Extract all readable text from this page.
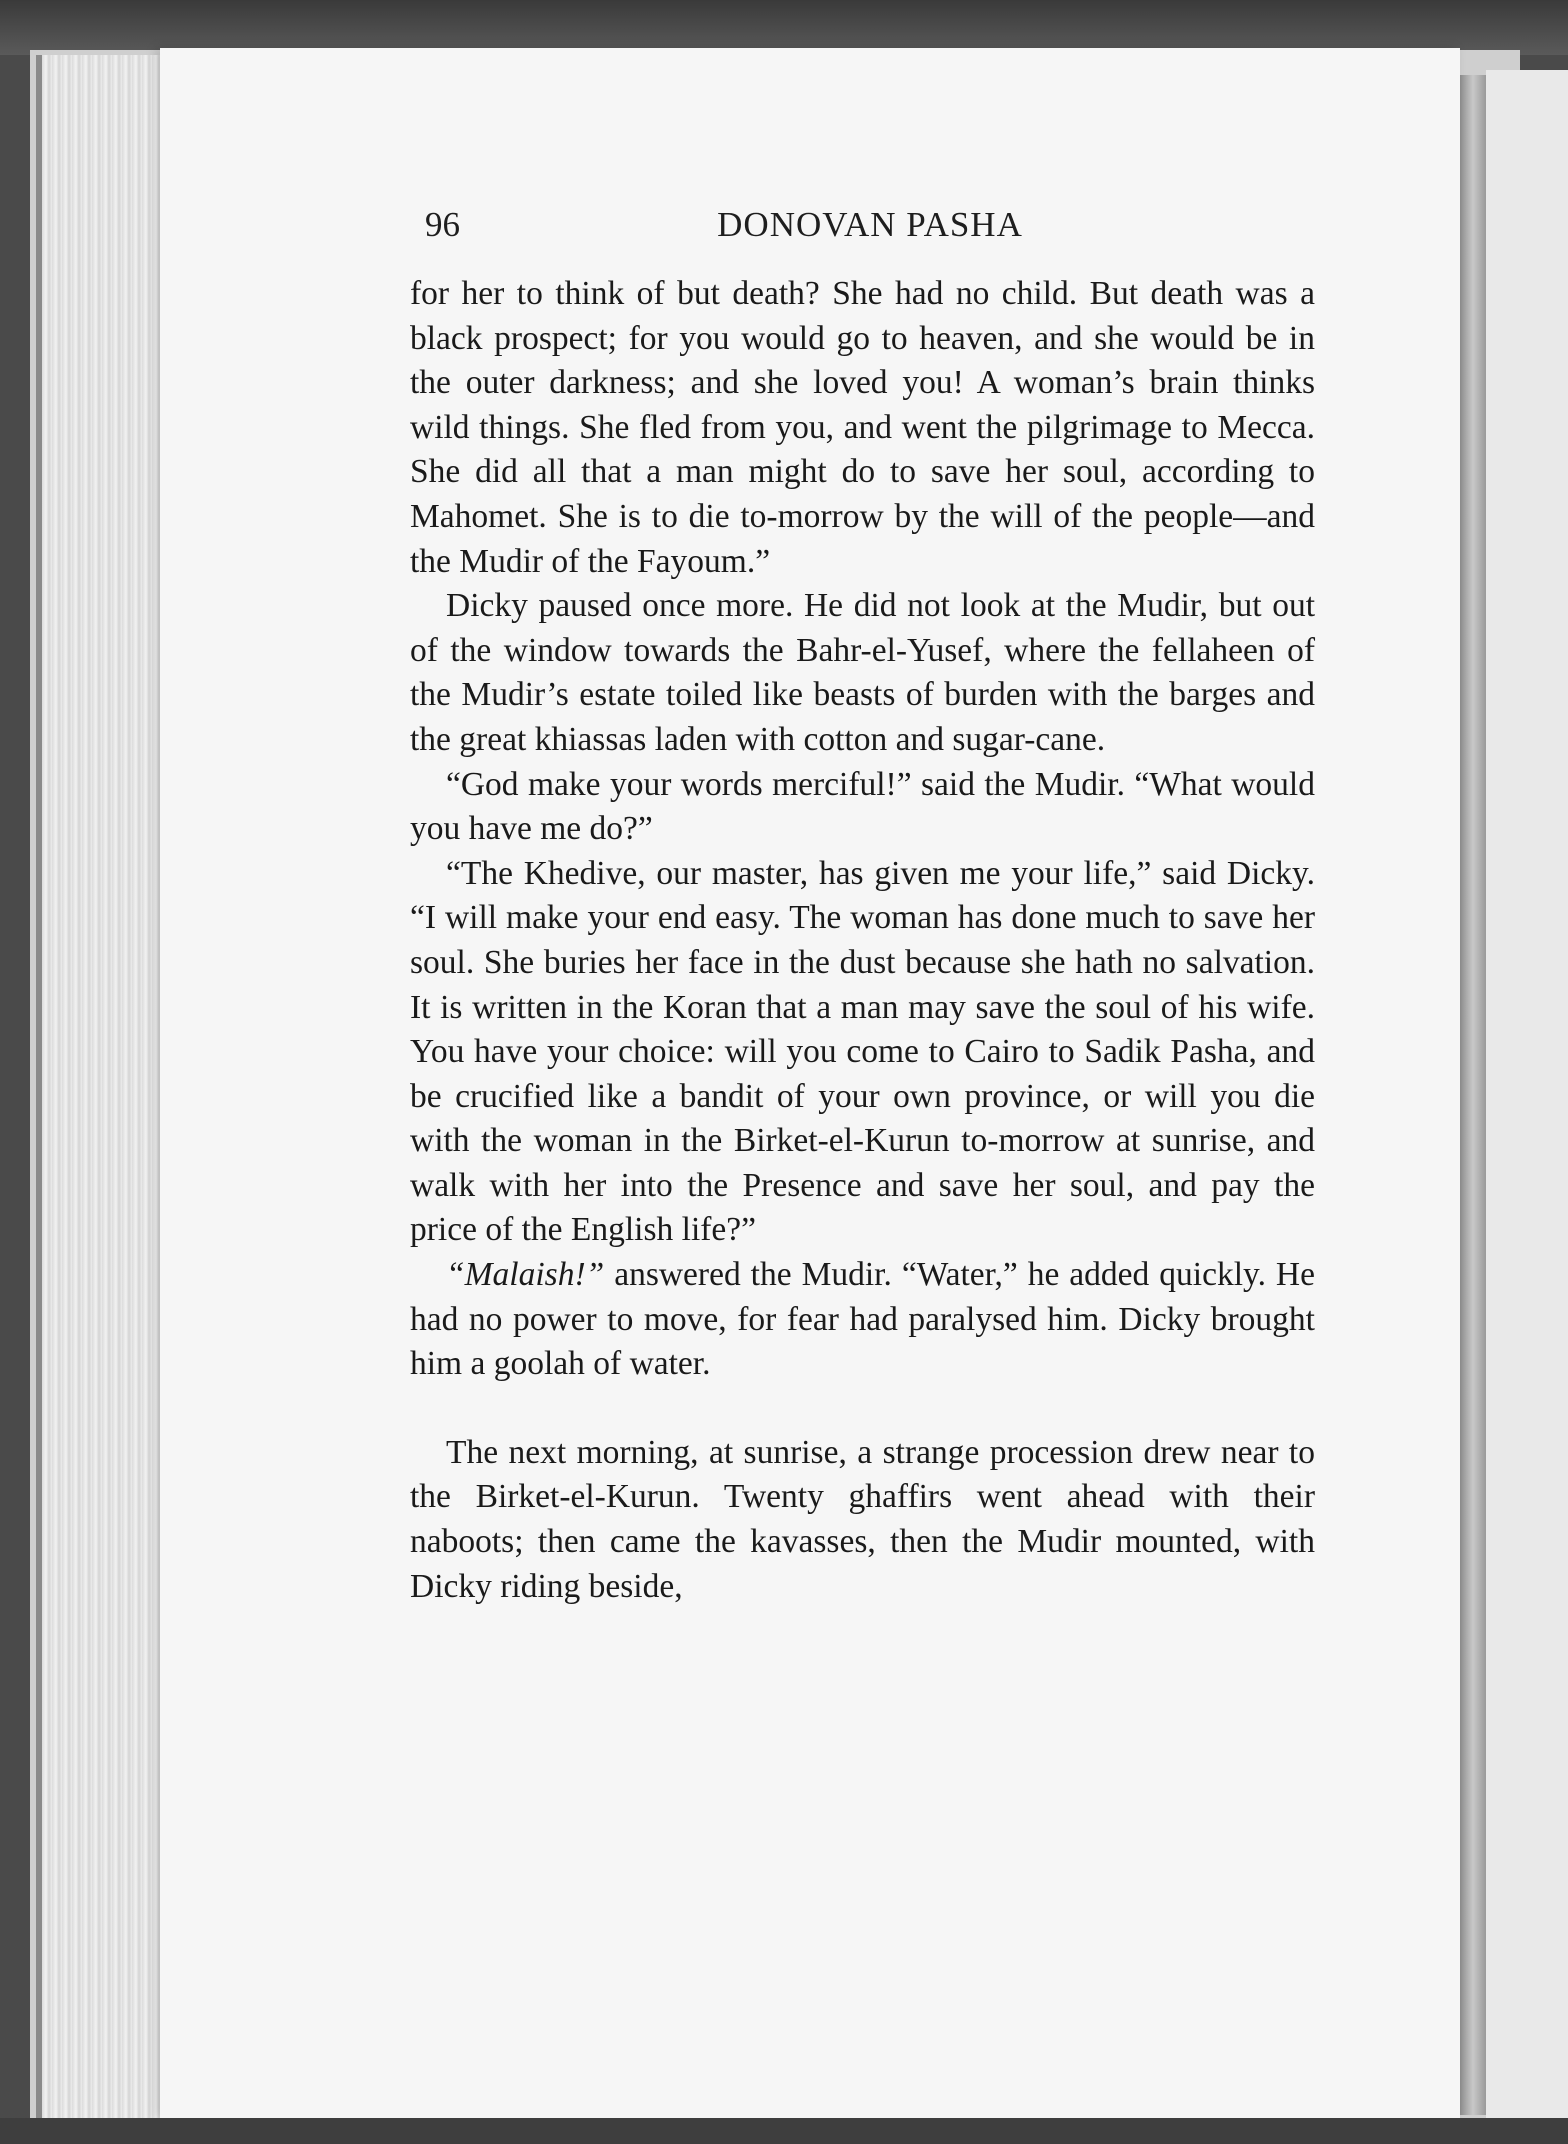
96	DONOVAN PASHA

for her to think of but death? She had no child. But death was a black prospect; for you would go to heaven, and she would be in the outer darkness; and she loved you! A woman’s brain thinks wild things. She fled from you, and went the pilgrimage to Mecca. She did all that a man might do to save her soul, according to Mahomet. She is to die to-morrow by the will of the people—and the Mudir of the Fayoum.”

Dicky paused once more. He did not look at the Mudir, but out of the window towards the Bahr-el-Yusef, where the fellaheen of the Mudir’s estate toiled like beasts of burden with the barges and the great khiassas laden with cotton and sugar-cane.

“God make your words merciful!” said the Mudir. “What would you have me do?”

“The Khedive, our master, has given me your life,” said Dicky. “I will make your end easy. The woman has done much to save her soul. She buries her face in the dust because she hath no salvation. It is written in the Koran that a man may save the soul of his wife. You have your choice: will you come to Cairo to Sadik Pasha, and be crucified like a bandit of your own province, or will you die with the woman in the Birket-el-Kurun to-morrow at sunrise, and walk with her into the Presence and save her soul, and pay the price of the English life?”

“Malaish!” answered the Mudir. “Water,” he added quickly. He had no power to move, for fear had paralysed him. Dicky brought him a goolah of water.

The next morning, at sunrise, a strange procession drew near to the Birket-el-Kurun. Twenty ghaffirs went ahead with their naboots; then came the kavasses, then the Mudir mounted, with Dicky riding beside,
